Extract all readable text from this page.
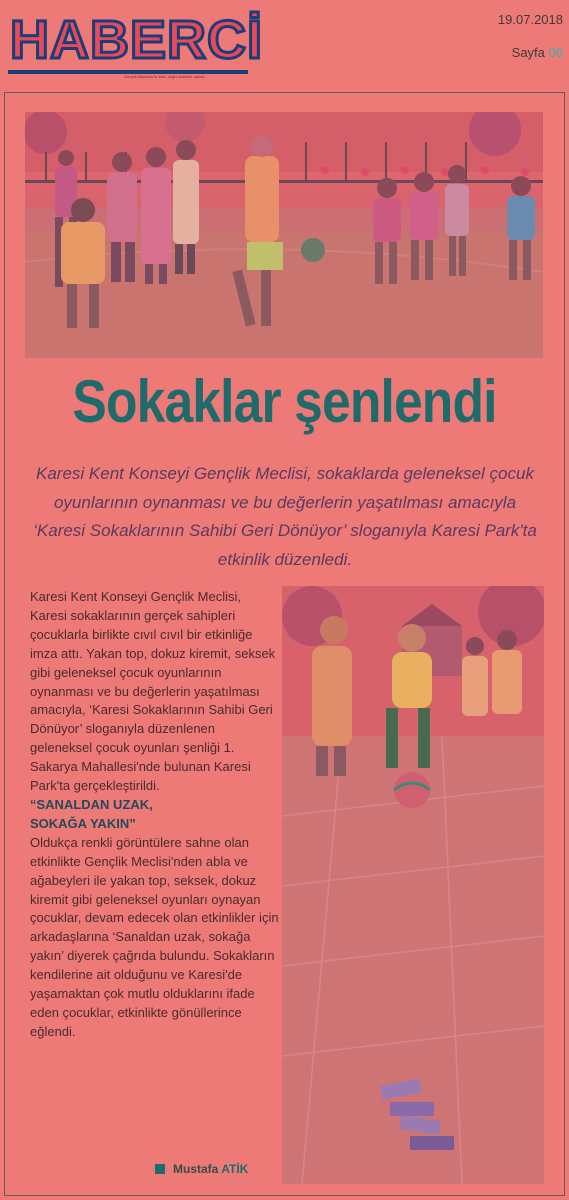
HABERCİ
Gerçek Balıkesir'in sesi, doğru haberin adresi
19.07.2018
Sayfa 06
Sokaklar şenlendi
Karesi Kent Konseyi Gençlik Meclisi, sokaklarda geleneksel çocuk oyunlarının oynanması ve bu değerlerin yaşatılması amacıyla ‘Karesi Sokaklarının Sahibi Geri Dönüyor’ sloganıyla Karesi Park'ta etkinlik düzenledi.

Karesi Kent Konseyi Gençlik Meclisi, Karesi sokaklarının gerçek sahipleri çocuklarla birlikte cıvıl cıvıl bir etkinliğe imza attı. Yakan top, dokuz kiremit, seksek gibi geleneksel çocuk oyunlarının oynanması ve bu değerlerin yaşatılması amacıyla, ‘Karesi Sokaklarının Sahibi Geri Dönüyor’ sloganıyla düzenlenen geleneksel çocuk oyunları şenliği 1. Sakarya Mahallesi'nde bulunan Karesi Park'ta gerçekleştirildi.

“SANALDAN UZAK,
SOKAĞA YAKIN”

Oldukça renkli görüntülere sahne olan etkinlikte Gençlik Meclisi'nden abla ve ağabeyleri ile yakan top, seksek, dokuz kiremit gibi geleneksel oyunları oynayan çocuklar, devam edecek olan etkinlikler için arkadaşlarına ‘Sanaldan uzak, sokağa yakın’ diyerek çağrıda bulundu. Sokakların kendilerine ait olduğunu ve Karesi'de yaşamaktan çok mutlu olduklarını ifade eden çocuklar, etkinlikte gönüllerince eğlendi.

Mustafa ATİK
